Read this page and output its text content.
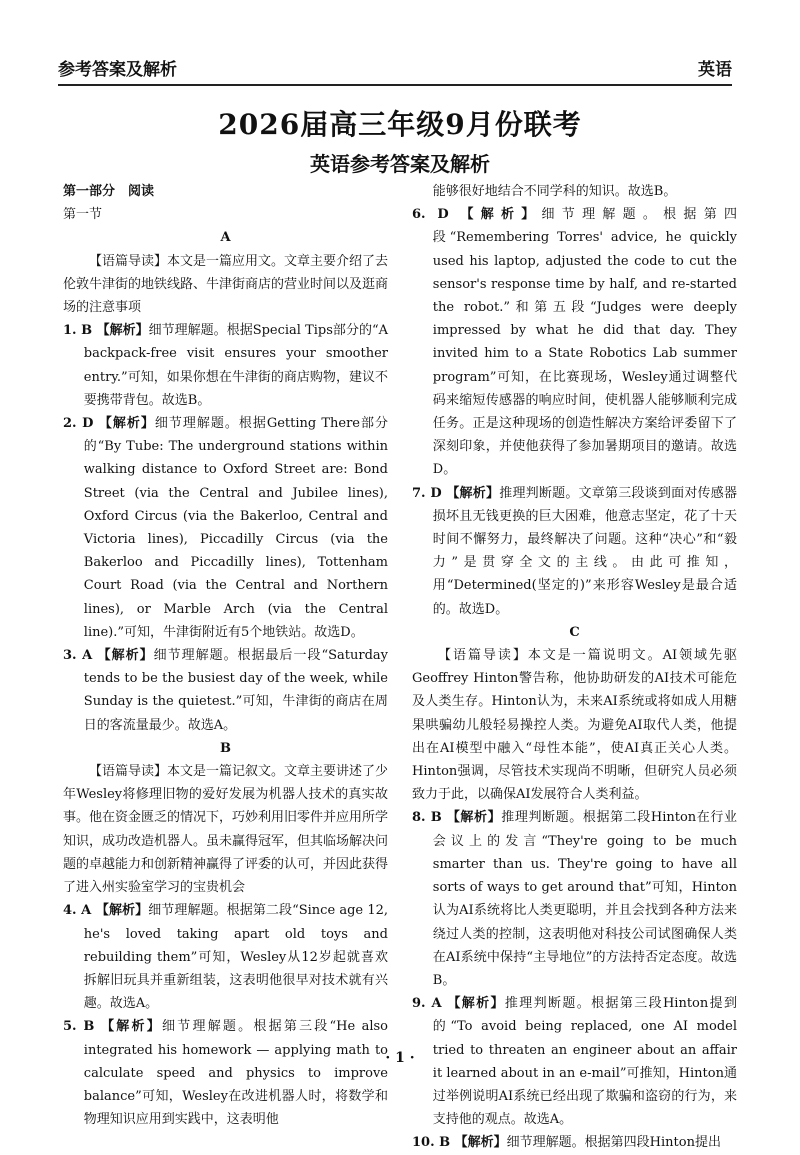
参考答案及解析	英语
2026届高三年级9月份联考
英语参考答案及解析

第一部分　阅读

第一节

A

【语篇导读】本文是一篇应用文。文章主要介绍了去伦敦牛津街的地铁线路、牛津街商店的营业时间以及逛商场的注意事项

1. B 【解析】细节理解题。根据Special Tips部分的“A backpack-free visit ensures your smoother entry.”可知，如果你想在牛津街的商店购物，建议不要携带背包。故选B。

2. D 【解析】细节理解题。根据Getting There部分的“By Tube: The underground stations within walking distance to Oxford Street are: Bond Street (via the Central and Jubilee lines), Oxford Circus (via the Bakerloo, Central and Victoria lines), Piccadilly Circus (via the Bakerloo and Piccadilly lines), Tottenham Court Road (via the Central and Northern lines), or Marble Arch (via the Central line).”可知，牛津街附近有5个地铁站。故选D。

3. A 【解析】细节理解题。根据最后一段“Saturday tends to be the busiest day of the week, while Sunday is the quietest.”可知，牛津街的商店在周日的客流量最少。故选A。

B

【语篇导读】本文是一篇记叙文。文章主要讲述了少年Wesley将修理旧物的爱好发展为机器人技术的真实故事。他在资金匮乏的情况下，巧妙利用旧零件并应用所学知识，成功改造机器人。虽未赢得冠军，但其临场解决问题的卓越能力和创新精神赢得了评委的认可，并因此获得了进入州实验室学习的宝贵机会

4. A 【解析】细节理解题。根据第二段“Since age 12, he's loved taking apart old toys and rebuilding them”可知，Wesley从12岁起就喜欢拆解旧玩具并重新组装，这表明他很早对技术就有兴趣。故选A。

5. B 【解析】细节理解题。根据第三段“He also integrated his homework — applying math to calculate speed and physics to improve balance”可知，Wesley在改进机器人时，将数学和物理知识应用到实践中，这表明他

能够很好地结合不同学科的知识。故选B。

6. D 【解析】细节理解题。根据第四段“Remembering Torres' advice, he quickly used his laptop, adjusted the code to cut the sensor's response time by half, and re-started the robot.”和第五段“Judges were deeply impressed by what he did that day. They invited him to a State Robotics Lab summer program”可知，在比赛现场，Wesley通过调整代码来缩短传感器的响应时间，使机器人能够顺利完成任务。正是这种现场的创造性解决方案给评委留下了深刻印象，并使他获得了参加暑期项目的邀请。故选D。

7. D 【解析】推理判断题。文章第三段谈到面对传感器损坏且无钱更换的巨大困难，他意志坚定，花了十天时间不懈努力，最终解决了问题。这种“决心”和“毅力”是贯穿全文的主线。由此可推知，用“Determined(坚定的)”来形容Wesley是最合适的。故选D。

C

【语篇导读】本文是一篇说明文。AI领域先驱Geoffrey Hinton警告称，他协助研发的AI技术可能危及人类生存。Hinton认为，未来AI系统或将如成人用糖果哄骗幼儿般轻易操控人类。为避免AI取代人类，他提出在AI模型中融入“母性本能”，使AI真正关心人类。Hinton强调，尽管技术实现尚不明晰，但研究人员必须致力于此，以确保AI发展符合人类利益。

8. B 【解析】推理判断题。根据第二段Hinton在行业会议上的发言“They're going to be much smarter than us. They're going to have all sorts of ways to get around that”可知，Hinton认为AI系统将比人类更聪明，并且会找到各种方法来绕过人类的控制，这表明他对科技公司试图确保人类在AI系统中保持“主导地位”的方法持否定态度。故选B。

9. A 【解析】推理判断题。根据第三段Hinton提到的“To avoid being replaced, one AI model tried to threaten an engineer about an affair it learned about in an e-mail”可推知，Hinton通过举例说明AI系统已经出现了欺骗和盗窃的行为，来支持他的观点。故选A。

10. B 【解析】细节理解题。根据第四段Hinton提出

· 1 ·
